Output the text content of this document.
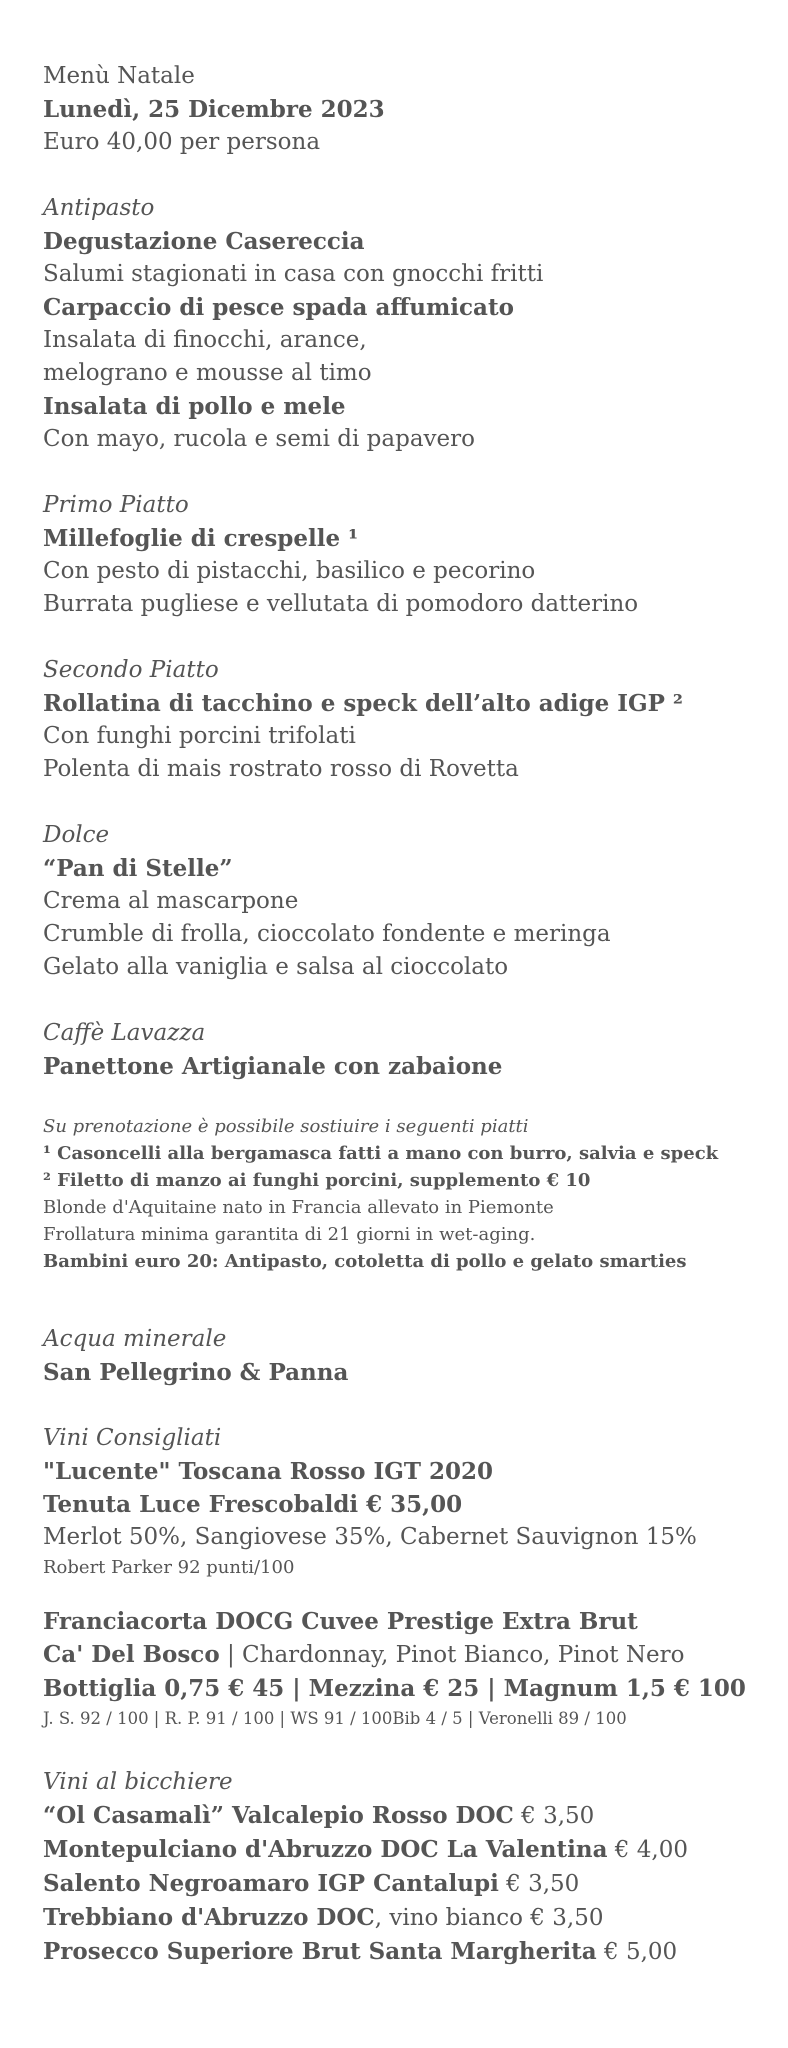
Menù Natale
Lunedì, 25 Dicembre 2023
Euro 40,00 per persona
Antipasto
Degustazione Casereccia
Salumi stagionati in casa con gnocchi fritti
Carpaccio di pesce spada affumicato
Insalata di finocchi, arance,
melograno e mousse al timo
Insalata di pollo e mele
Con mayo, rucola e semi di papavero
Primo Piatto
Millefoglie di crespelle ¹
Con pesto di pistacchi, basilico e pecorino
Burrata pugliese e vellutata di pomodoro datterino
Secondo Piatto
Rollatina di tacchino e speck dell’alto adige IGP ²
Con funghi porcini trifolati
Polenta di mais rostrato rosso di Rovetta
Dolce
“Pan di Stelle”
Crema al mascarpone
Crumble di frolla, cioccolato fondente e meringa
Gelato alla vaniglia e salsa al cioccolato
Caffè Lavazza
Panettone Artigianale con zabaione
Su prenotazione è possibile sostiuire i seguenti piatti
¹ Casoncelli alla bergamasca fatti a mano con burro, salvia e speck
² Filetto di manzo ai funghi porcini, supplemento € 10
Blonde d'Aquitaine nato in Francia allevato in Piemonte
Frollatura minima garantita di 21 giorni in wet-aging.
Bambini euro 20: Antipasto, cotoletta di pollo e gelato smarties
Acqua minerale
San Pellegrino & Panna
Vini Consigliati
"Lucente" Toscana Rosso IGT 2020
Tenuta Luce Frescobaldi € 35,00
Merlot 50%, Sangiovese 35%, Cabernet Sauvignon 15%
Robert Parker 92 punti/100
Franciacorta DOCG Cuvee Prestige Extra Brut
Ca' Del Bosco | Chardonnay, Pinot Bianco, Pinot Nero
Bottiglia 0,75 € 45 | Mezzina € 25 | Magnum 1,5 € 100
J. S. 92 / 100 | R. P. 91 / 100 | WS 91 / 100Bib 4 / 5 | Veronelli 89 / 100
Vini al bicchiere
“Ol Casamalì” Valcalepio Rosso DOC € 3,50
Montepulciano d'Abruzzo DOC La Valentina € 4,00
Salento Negroamaro IGP Cantalupi € 3,50
Trebbiano d'Abruzzo DOC, vino bianco € 3,50
Prosecco Superiore Brut Santa Margherita € 5,00
